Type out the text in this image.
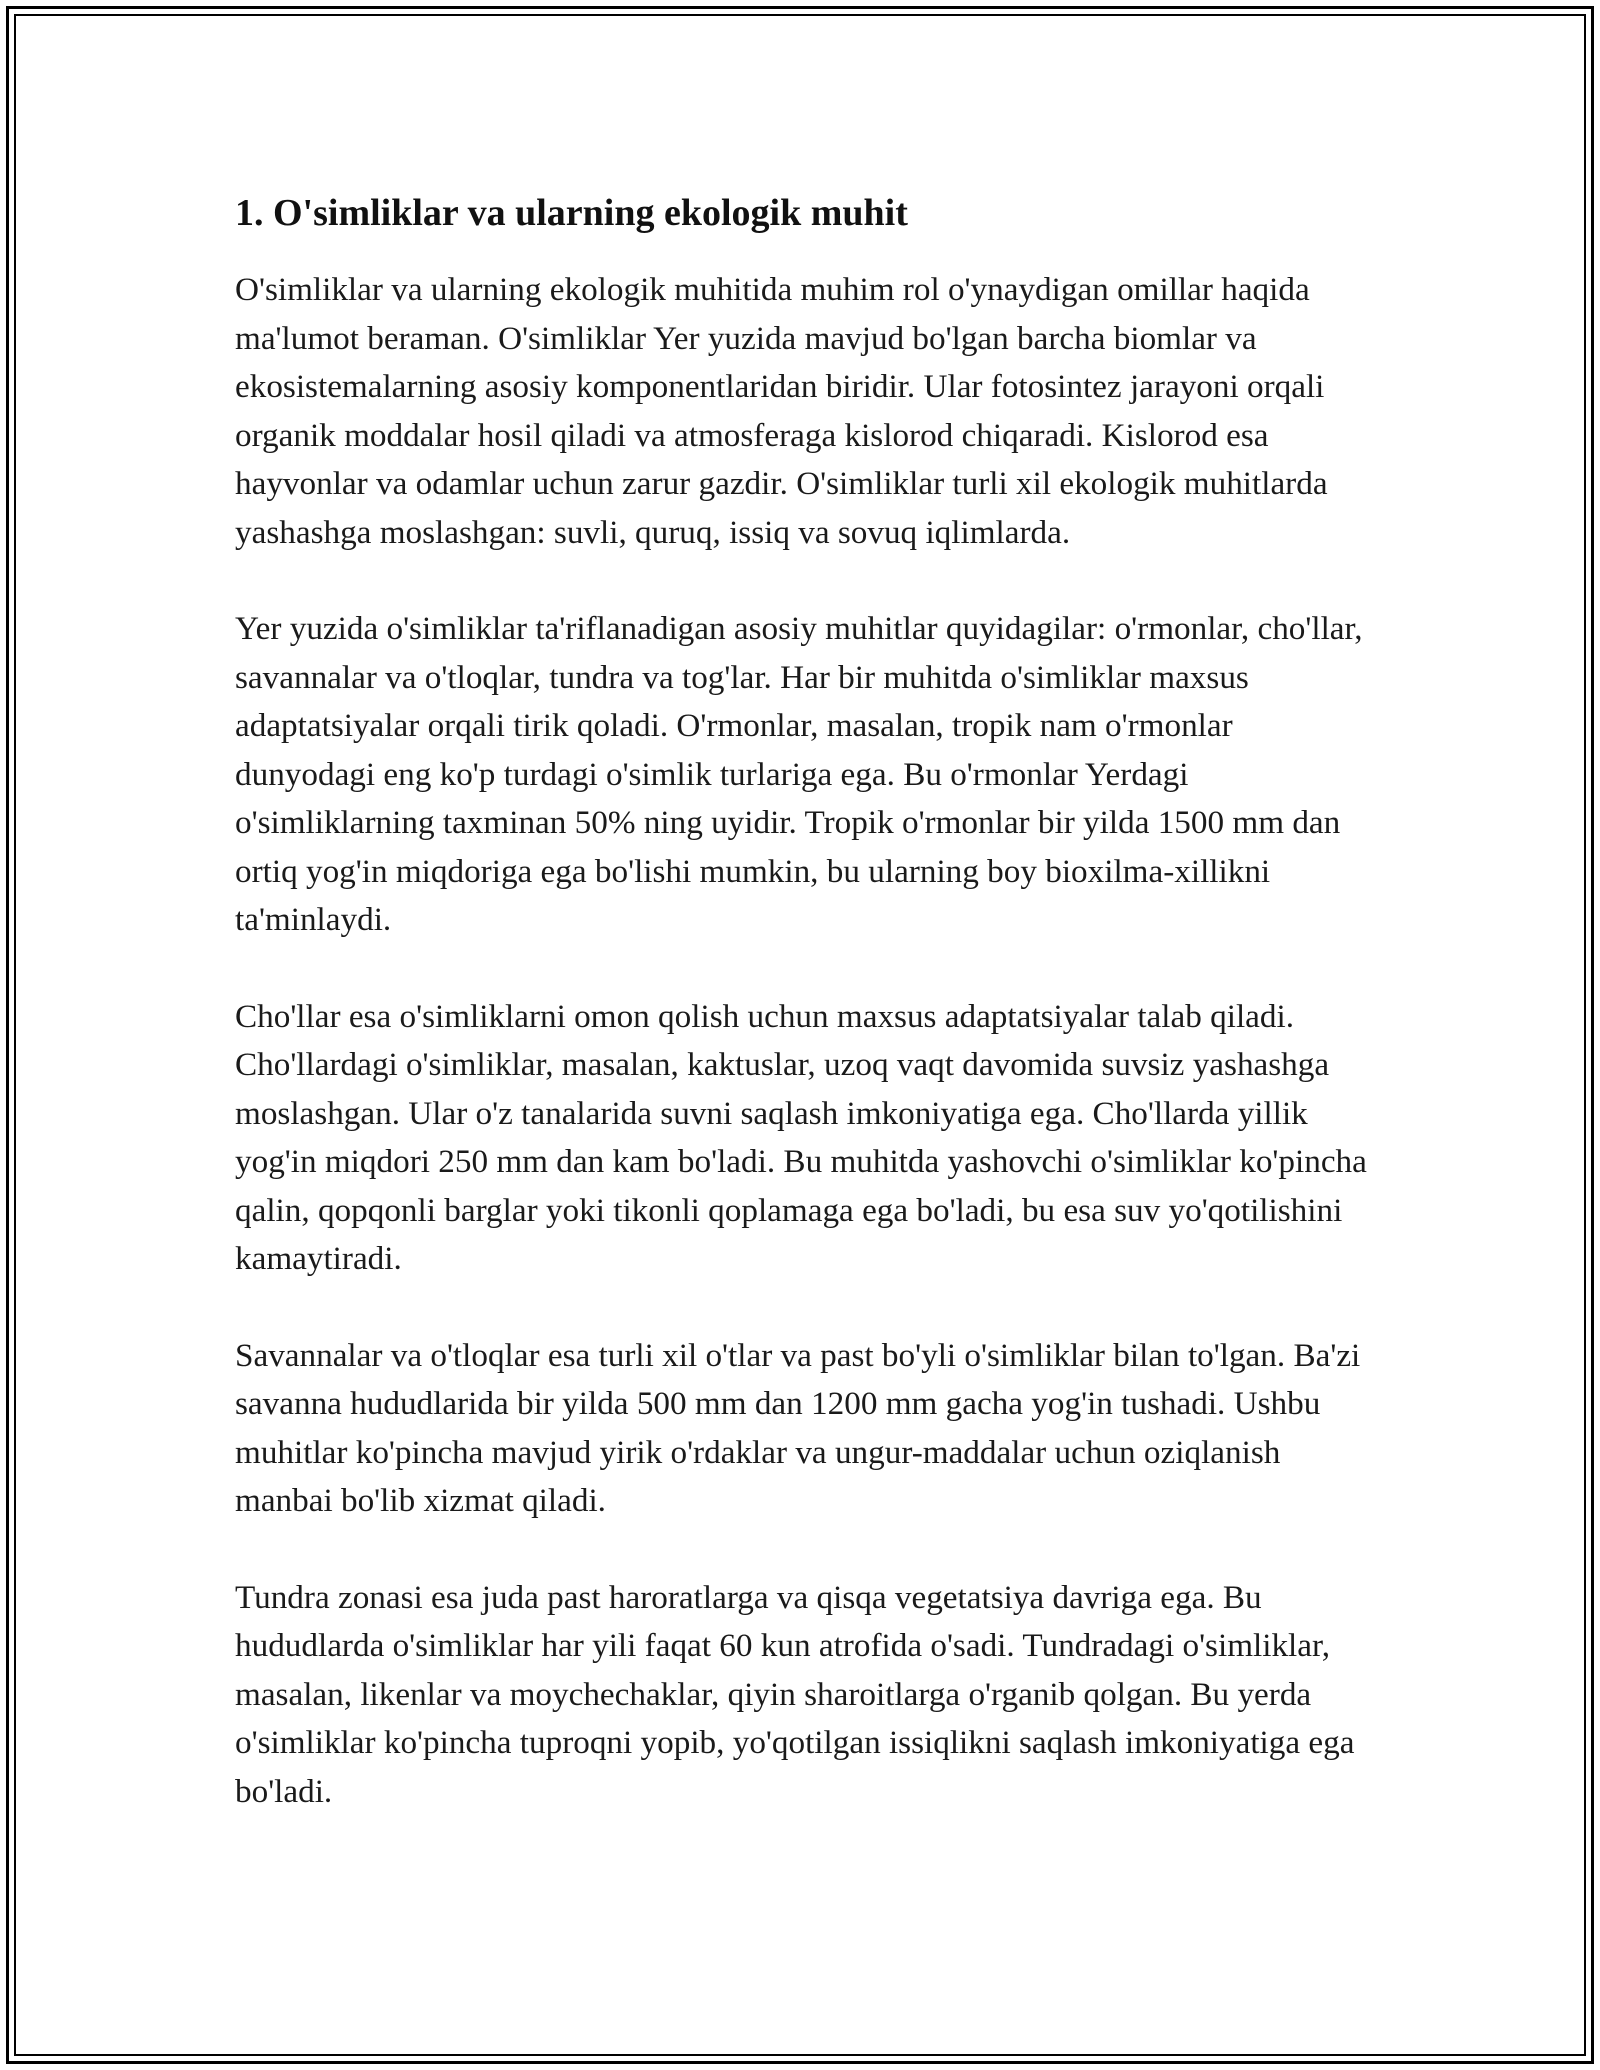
1. O'simliklar va ularning ekologik muhit

O'simliklar va ularning ekologik muhitida muhim rol o'ynaydigan omillar haqida ma'lumot beraman. O'simliklar Yer yuzida mavjud bo'lgan barcha biomlar va ekosistemalarning asosiy komponentlaridan biridir. Ular fotosintez jarayoni orqali organik moddalar hosil qiladi va atmosferaga kislorod chiqaradi. Kislorod esa hayvonlar va odamlar uchun zarur gazdir. O'simliklar turli xil ekologik muhitlarda yashashga moslashgan: suvli, quruq, issiq va sovuq iqlimlarda.

Yer yuzida o'simliklar ta'riflanadigan asosiy muhitlar quyidagilar: o'rmonlar, cho'llar, savannalar va o'tloqlar, tundra va tog'lar. Har bir muhitda o'simliklar maxsus adaptatsiyalar orqali tirik qoladi. O'rmonlar, masalan, tropik nam o'rmonlar dunyodagi eng ko'p turdagi o'simlik turlariga ega. Bu o'rmonlar Yerdagi o'simliklarning taxminan 50% ning uyidir. Tropik o'rmonlar bir yilda 1500 mm dan ortiq yog'in miqdoriga ega bo'lishi mumkin, bu ularning boy bioxilma-xillikni ta'minlaydi.

Cho'llar esa o'simliklarni omon qolish uchun maxsus adaptatsiyalar talab qiladi. Cho'llardagi o'simliklar, masalan, kaktuslar, uzoq vaqt davomida suvsiz yashashga moslashgan. Ular o'z tanalarida suvni saqlash imkoniyatiga ega. Cho'llarda yillik yog'in miqdori 250 mm dan kam bo'ladi. Bu muhitda yashovchi o'simliklar ko'pincha qalin, qopqonli barglar yoki tikonli qoplamaga ega bo'ladi, bu esa suv yo'qotilishini kamaytiradi.

Savannalar va o'tloqlar esa turli xil o'tlar va past bo'yli o'simliklar bilan to'lgan. Ba'zi savanna hududlarida bir yilda 500 mm dan 1200 mm gacha yog'in tushadi. Ushbu muhitlar ko'pincha mavjud yirik o'rdaklar va ungur-maddalar uchun oziqlanish manbai bo'lib xizmat qiladi.

Tundra zonasi esa juda past haroratlarga va qisqa vegetatsiya davriga ega. Bu hududlarda o'simliklar har yili faqat 60 kun atrofida o'sadi. Tundradagi o'simliklar, masalan, likenlar va moychechaklar, qiyin sharoitlarga o'rganib qolgan. Bu yerda o'simliklar ko'pincha tuproqni yopib, yo'qotilgan issiqlikni saqlash imkoniyatiga ega bo'ladi.
